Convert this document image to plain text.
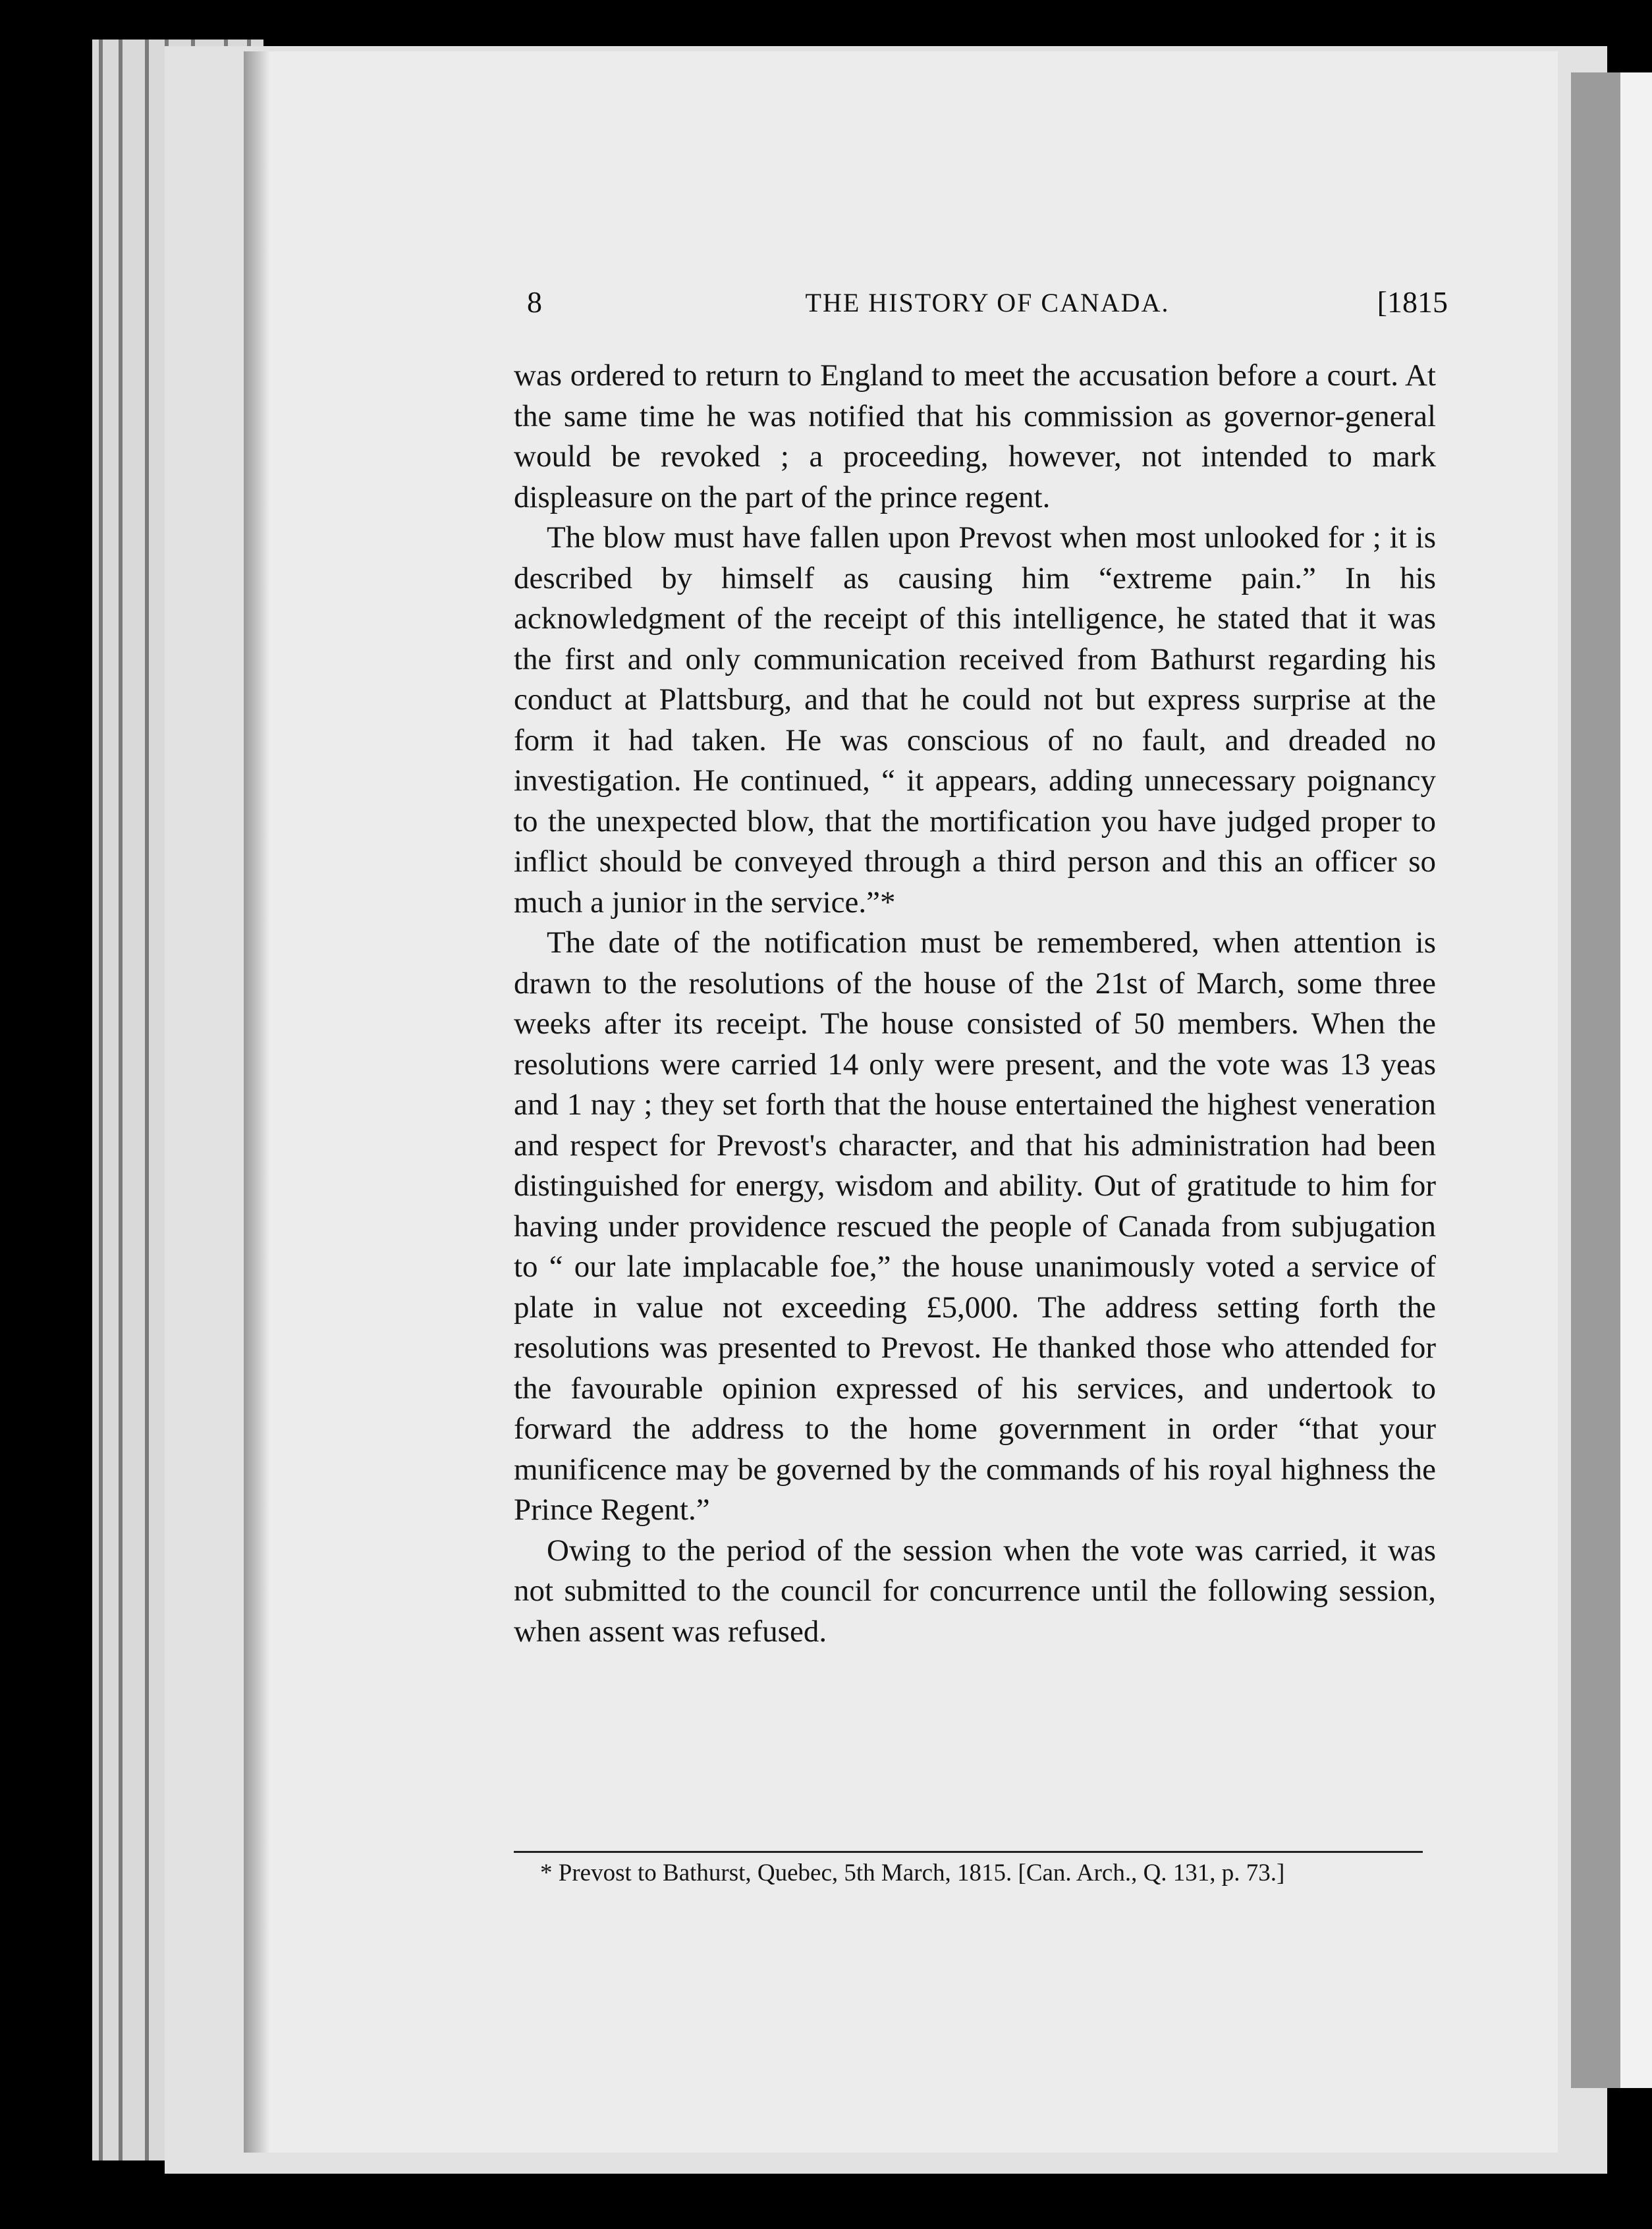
8	THE HISTORY OF CANADA.	[1815

was ordered to return to England to meet the accusation before a court. At the same time he was notified that his commission as governor-general would be revoked ; a proceeding, however, not intended to mark displeasure on the part of the prince regent.

The blow must have fallen upon Prevost when most unlooked for ; it is described by himself as causing him “extreme pain.” In his acknowledgment of the receipt of this intelligence, he stated that it was the first and only communication received from Bathurst regarding his conduct at Plattsburg, and that he could not but express surprise at the form it had taken. He was conscious of no fault, and dreaded no investigation. He continued, “ it appears, adding unnecessary poignancy to the unexpected blow, that the mortification you have judged proper to inflict should be conveyed through a third person and this an officer so much a junior in the service.”*

The date of the notification must be remembered, when attention is drawn to the resolutions of the house of the 21st of March, some three weeks after its receipt. The house consisted of 50 members. When the resolutions were carried 14 only were present, and the vote was 13 yeas and 1 nay ; they set forth that the house entertained the highest veneration and respect for Prevost's character, and that his administration had been distinguished for energy, wisdom and ability. Out of gratitude to him for having under providence rescued the people of Canada from subjugation to “ our late implacable foe,” the house unanimously voted a service of plate in value not exceeding £5,000. The address setting forth the resolutions was presented to Prevost. He thanked those who attended for the favourable opinion expressed of his services, and undertook to forward the address to the home government in order “that your munificence may be governed by the commands of his royal highness the Prince Regent.”

Owing to the period of the session when the vote was carried, it was not submitted to the council for concurrence until the following session, when assent was refused.

* Prevost to Bathurst, Quebec, 5th March, 1815. [Can. Arch., Q. 131, p. 73.]
